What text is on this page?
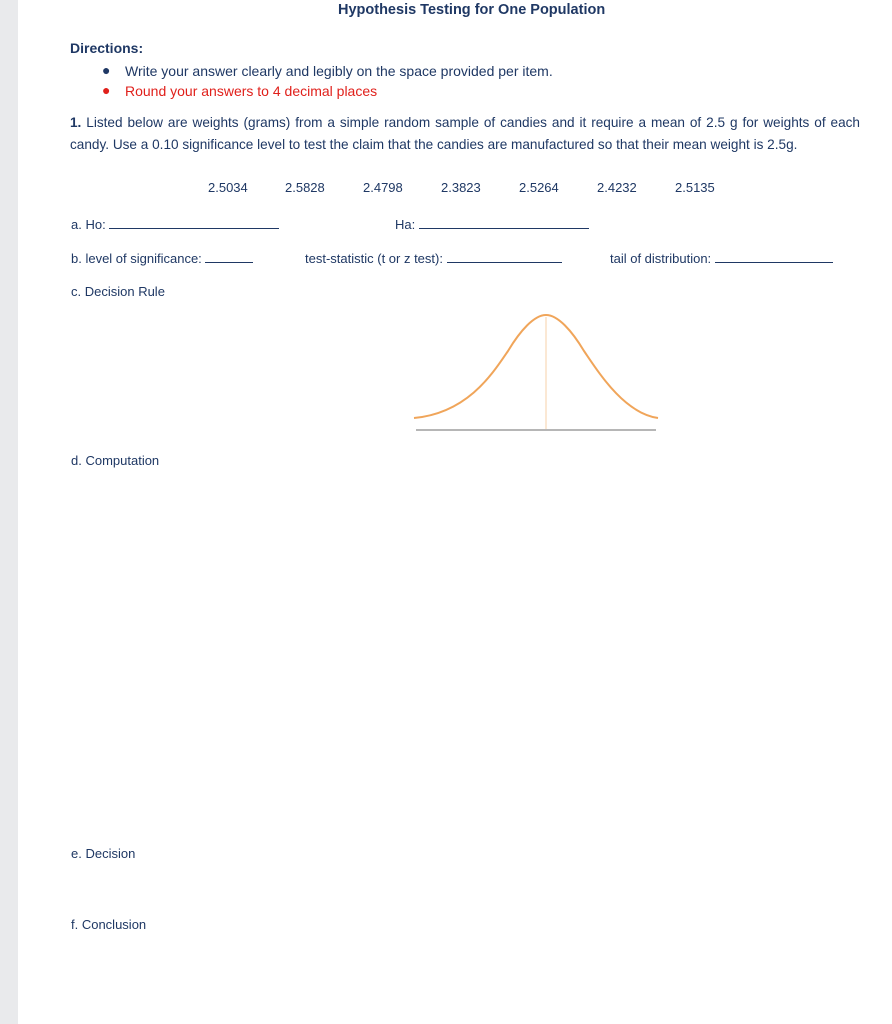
Hypothesis Testing for One Population
Directions:
● Write your answer clearly and legibly on the space provided per item.
● Round your answers to 4 decimal places
1. Listed below are weights (grams) from a simple random sample of candies and it require a mean of 2.5 g for weights of each candy. Use a 0.10 significance level to test the claim that the candies are manufactured so that their mean weight is 2.5g.
2.5034	2.5828	2.4798	2.3823	2.5264	2.4232	2.5135
a. Ho:	Ha:
b. level of significance:	test-statistic (t or z test):	tail of distribution:
c. Decision Rule
d. Computation
e. Decision
f. Conclusion
